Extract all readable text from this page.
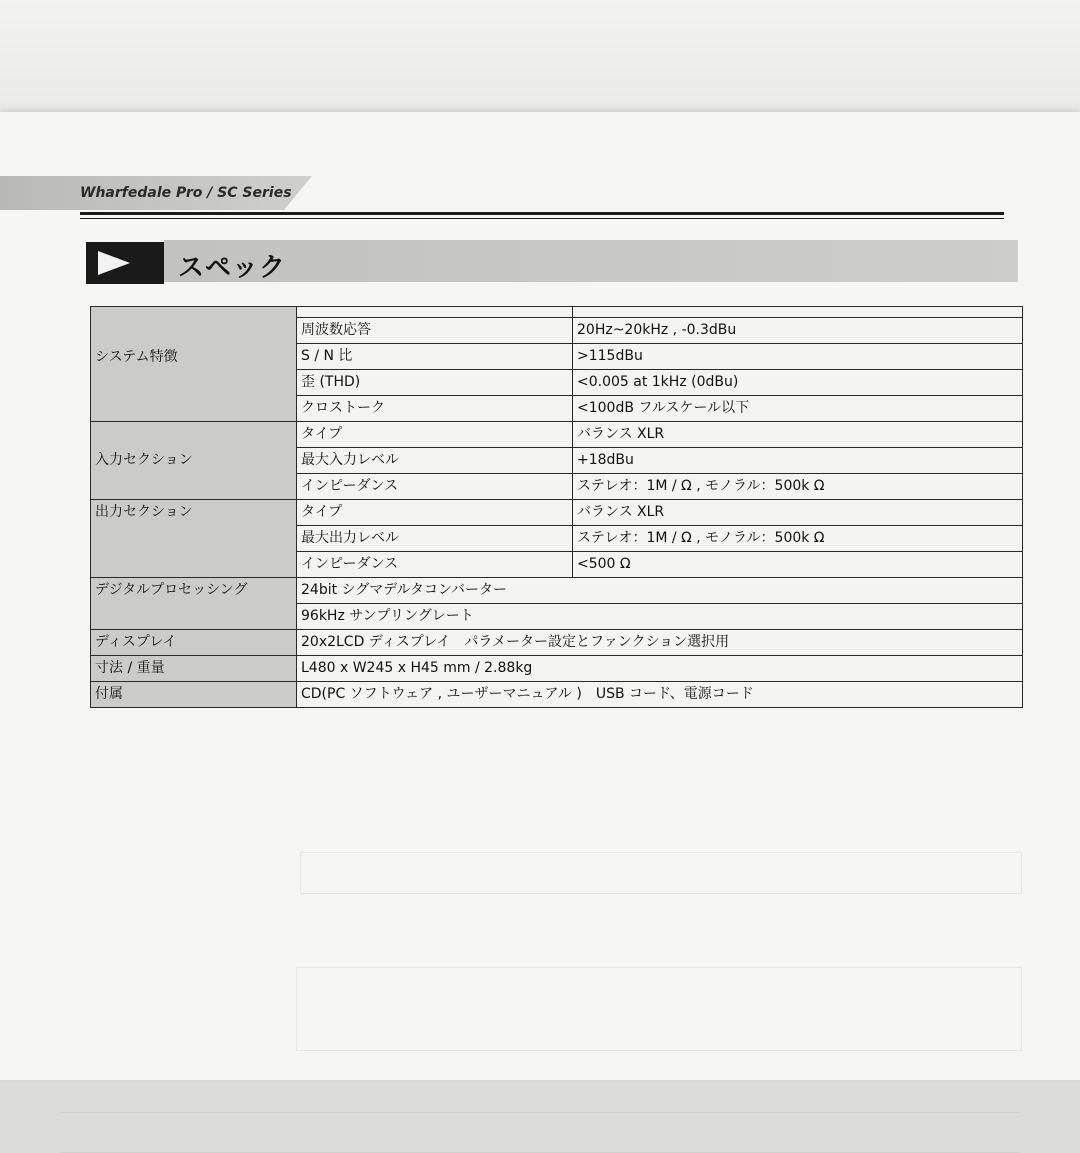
Wharfedale Pro / SC Series
スペック
システム特徴		

	周波数応答	20Hz~20kHz , -0.3dBu
	S / N 比	>115dBu
	歪 (THD)	<0.005 at 1kHz (0dBu)
	クロストーク	<100dB フルスケール以下
入力セクション	タイプ	バランス XLR
	最大入力レベル	+18dBu
	インピーダンス	ステレオ：1M / Ω , モノラル：500k Ω
出力セクション	タイプ	バランス XLR
	最大出力レベル	ステレオ：1M / Ω , モノラル：500k Ω
	インピーダンス	<500 Ω
デジタルプロセッシング	24bit シグマデルタコンバーター	
	96kHz サンプリングレート	
ディスプレイ	20x2LCD ディスプレイ　パラメーター設定とファンクション選択用	
寸法 / 重量	L480 x W245 x H45 mm / 2.88kg	
付属	CD(PC ソフトウェア , ユーザーマニュアル )　USB コード、電源コード	
